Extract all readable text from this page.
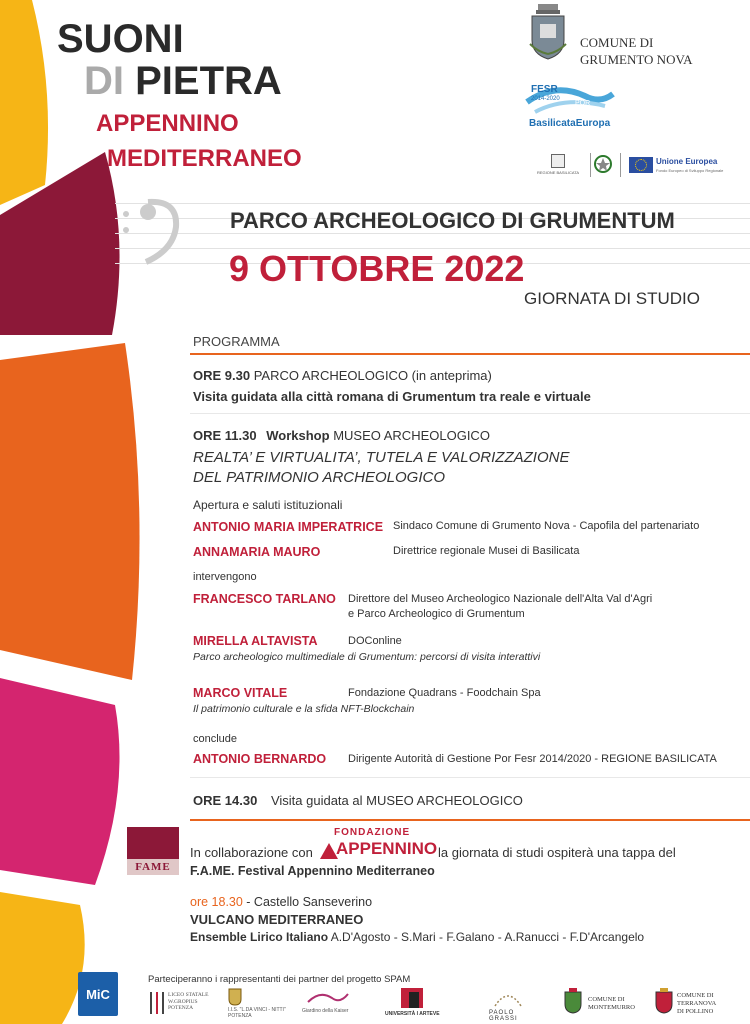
SUONI
DI PIETRA
APPENNINO
MEDITERRANEO
COMUNE DI
GRUMENTO NOVA
FESR
2014-2020
POR
BasilicataEuropa
REGIONE BASILICATA
Unione Europea
Fondo Europeo di Sviluppo Regionale
PARCO ARCHEOLOGICO DI GRUMENTUM
9 OTTOBRE 2022
GIORNATA DI STUDIO
PROGRAMMA
ORE 9.30 PARCO ARCHEOLOGICO (in anteprima)
Visita guidata alla città romana di Grumentum tra reale e virtuale
ORE 11.30 Workshop MUSEO ARCHEOLOGICO
REALTA’ E VIRTUALITA’, TUTELA E VALORIZZAZIONE
DEL PATRIMONIO ARCHEOLOGICO
Apertura e saluti istituzionali
ANTONIO MARIA IMPERATRICE Sindaco Comune di Grumento Nova - Capofila del partenariato
ANNAMARIA MAURO	Direttrice regionale Musei di Basilicata
intervengono
FRANCESCO TARLANO Direttore del Museo Archeologico Nazionale dell'Alta Val d'Agri
e Parco Archeologico di Grumentum
MIRELLA ALTAVISTA	DOConline
Parco archeologico multimediale di Grumentum: percorsi di visita interattivi
MARCO VITALE	Fondazione Quadrans - Foodchain Spa
Il patrimonio culturale e la sfida NFT-Blockchain
conclude
ANTONIO BERNARDO Dirigente Autorità di Gestione Por Fesr 2014/2020 - REGIONE BASILICATA
ORE 14.30 Visita guidata al MUSEO ARCHEOLOGICO
FAME
In collaborazione con
FONDAZIONE
APPENNINO la giornata di studi ospiterà una tappa del
F.A.ME. Festival Appennino Mediterraneo
ore 18.30 - Castello Sanseverino
VULCANO MEDITERRANEO
Ensemble Lirico Italiano A.D'Agosto - S.Mari - F.Galano - A.Ranucci - F.D'Arcangelo
Parteciperanno i rappresentanti dei partner del progetto SPAM
MiC	LICEO STATALE W.GROPIUS POTENZA	I.I.S. "L.DA VINCI - NITTI" POTENZA
Giardino della Kaiser	UNIVERSITÀ I ARTEVE	PAOLO GRASSI
COMUNE DI
MONTEMURRO
COMUNE DI
TERRANOVA
DI POLLINO
